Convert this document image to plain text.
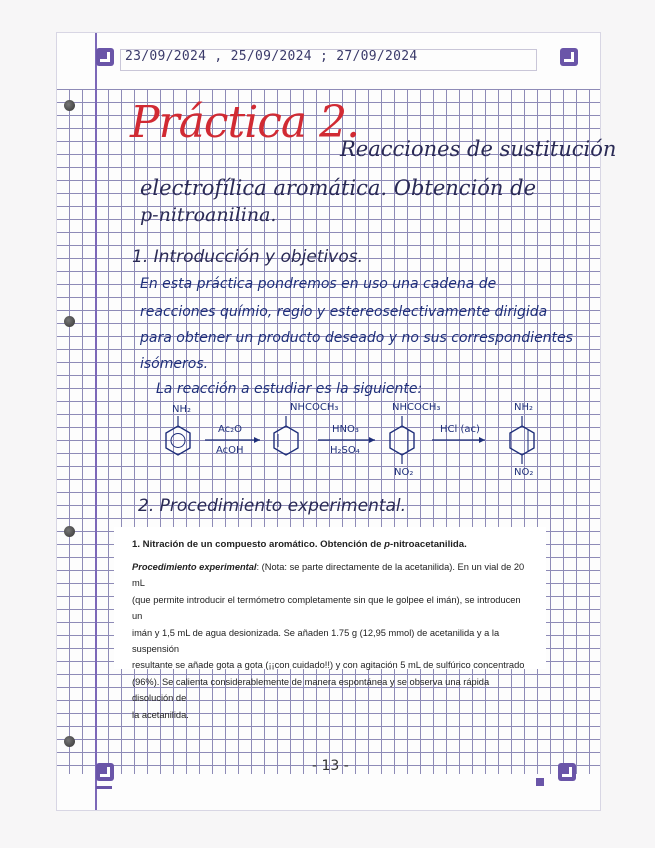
23/09/2024 , 25/09/2024 ; 27/09/2024
Práctica 2.
Reacciones de sustitución
electrofílica aromática. Obtención de
p-nitroanilina.
1. Introducción y objetivos.
En esta práctica pondremos en uso una cadena de
reacciones químio, regio y estereoselectivamente dirigida
para obtener un producto deseado y no sus correspondientes
isómeros.
La reacción a estudiar es la siguiente:
NH₂
Ac₂O
AcOH
NHCOCH₃
HNO₃
H₂SO₄
NHCOCH₃
NO₂
HCl (ac)
NH₂
NO₂
2. Procedimiento experimental.
1. Nitración de un compuesto aromático. Obtención de p-nitroacetanilida.
Procedimiento experimental: (Nota: se parte directamente de la acetanilida). En un vial de 20 mL
(que permite introducir el termómetro completamente sin que le golpee el imán), se introducen un
imán y 1,5 mL de agua desionizada. Se añaden 1.75 g (12,95 mmol) de acetanilida y a la suspensión
resultante se añade gota a gota (¡¡con cuidado!!) y con agitación 5 mL de sulfúrico concentrado
(96%). Se calienta considerablemente de manera espontánea y se observa una rápida disolución de
la acetanilida.
- 13 -
